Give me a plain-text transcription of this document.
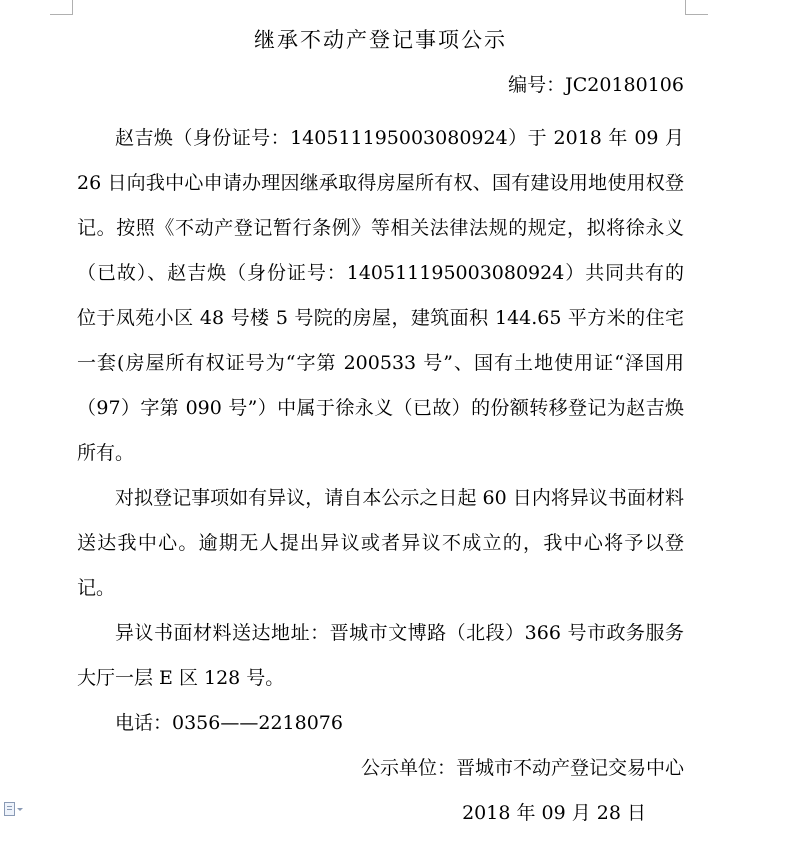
继承不动产登记事项公示
编号：JC20180106

赵吉焕（身份证号：140511195003080924）于 2018 年 09 月 26 日向我中心申请办理因继承取得房屋所有权、国有建设用地使用权登记。按照《不动产登记暂行条例》等相关法律法规的规定，拟将徐永义（已故）、赵吉焕（身份证号：140511195003080924）共同共有的位于凤苑小区 48 号楼 5 号院的房屋，建筑面积 144.65 平方米的住宅一套(房屋所有权证号为“字第 200533 号”、国有土地使用证“泽国用（97）字第 090 号”）中属于徐永义（已故）的份额转移登记为赵吉焕所有。

对拟登记事项如有异议，请自本公示之日起 60 日内将异议书面材料送达我中心。逾期无人提出异议或者异议不成立的，我中心将予以登记。

异议书面材料送达地址：晋城市文博路（北段）366 号市政务服务大厅一层 E 区 128 号。

电话：0356——2218076

公示单位：晋城市不动产登记交易中心

2018 年 09 月 28 日
